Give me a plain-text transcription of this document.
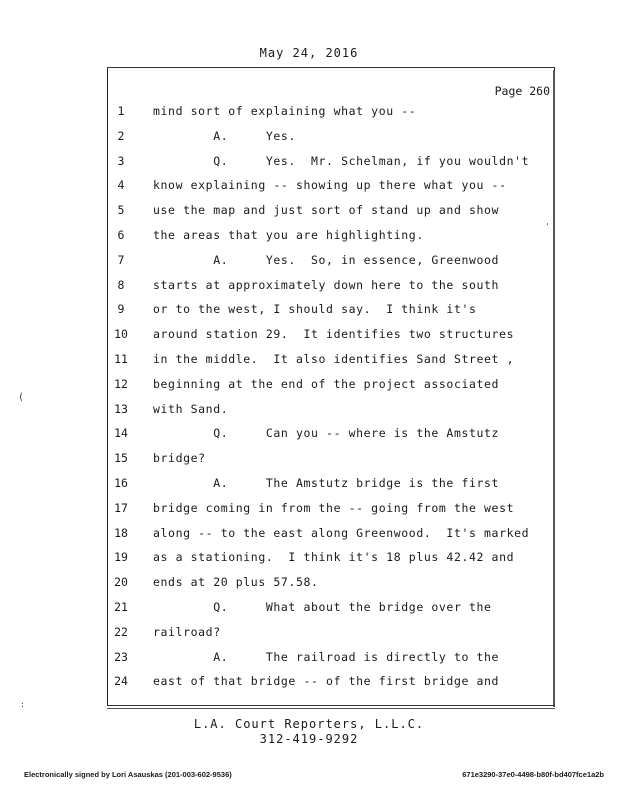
May 24, 2016
Page 260
1	mind sort of explaining what you --
2	A.     Yes.
3	Q.     Yes.  Mr. Schelman, if you wouldn't
4	know explaining -- showing up there what you --
5	use the map and just sort of stand up and show
6	the areas that you are highlighting.
7	A.     Yes.  So, in essence, Greenwood
8	starts at approximately down here to the south
9	or to the west, I should say.  I think it's
10	around station 29.  It identifies two structures
11	in the middle.  It also identifies Sand Street ,
12	beginning at the end of the project associated
13	with Sand.
14	Q.     Can you -- where is the Amstutz
15	bridge?
16	A.     The Amstutz bridge is the first
17	bridge coming in from the -- going from the west
18	along -- to the east along Greenwood.  It's marked
19	as a stationing.  I think it's 18 plus 42.42 and
20	ends at 20 plus 57.58.
21	Q.     What about the bridge over the
22	railroad?
23	A.     The railroad is directly to the
24	east of that bridge -- of the first bridge and
L.A. Court Reporters, L.L.C.
312-419-9292
Electronically signed by Lori Asauskas (201-003-602-9536)	671e3290-37e0-4498-b80f-bd407fce1a2b
(
:
'
